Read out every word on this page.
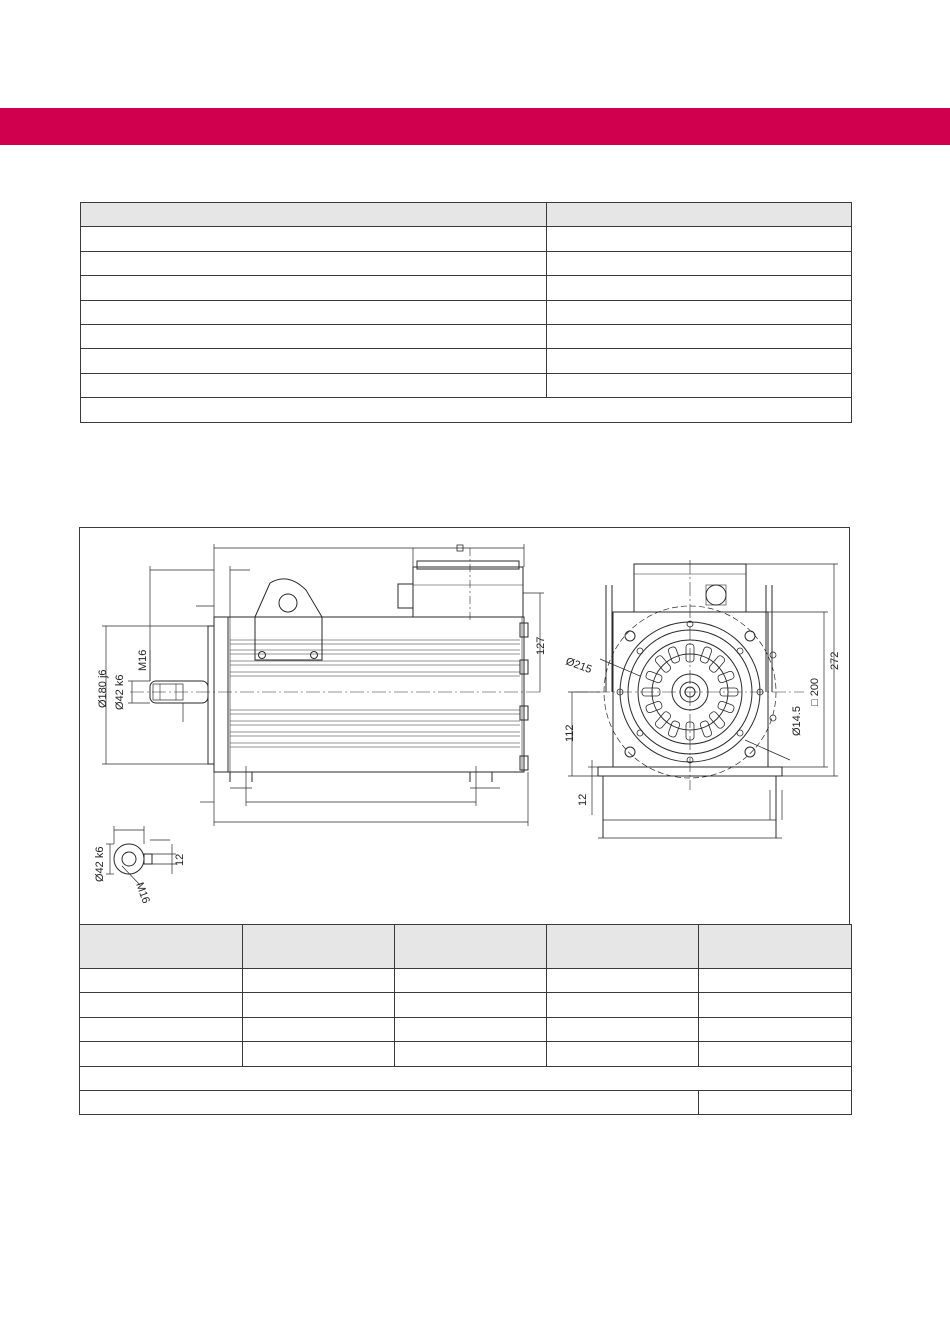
Ø180 j6 Ø42 k6
M16
127
Ø215
112
12
□ 200
Ø14.5
272
Ø42 k6
M16
12
